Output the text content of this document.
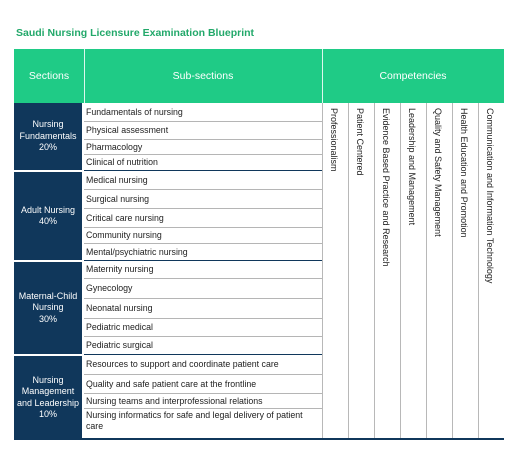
Saudi Nursing Licensure Examination Blueprint
Sections	Sub-sections	Competencies
Nursing Fundamentals
20%
Adult Nursing
40%
Maternal-Child Nursing
30%
Nursing Management and Leadership
10%
Fundamentals of nursing
Physical assessment
Pharmacology
Clinical of nutrition
Medical nursing
Surgical nursing
Critical care nursing
Community nursing
Mental/psychiatric nursing
Maternity nursing
Gynecology
Neonatal nursing
Pediatric medical
Pediatric surgical
Resources to support and coordinate patient care
Quality and safe patient care at the frontline
Nursing teams and interprofessional relations
Nursing informatics for safe and legal delivery of patient care
Professionalism Patient Centered Evidence Based Practice and Research Leadership and Management Quality and Safety Management Health Education and Promotion Communication and Information Technology
